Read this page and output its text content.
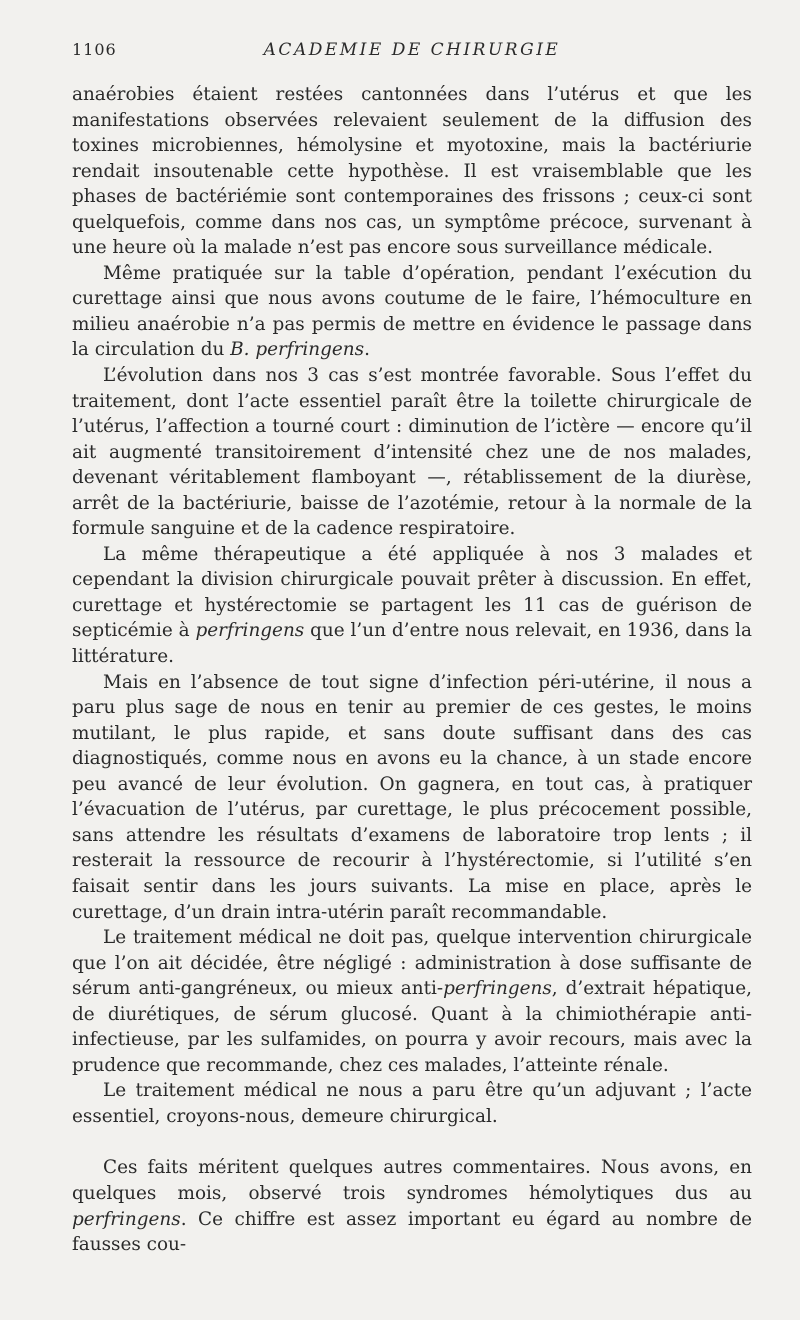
1106	ACADEMIE DE CHIRURGIE

anaérobies étaient restées cantonnées dans l’utérus et que les manifestations observées relevaient seulement de la diffusion des toxines microbiennes, hémolysine et myotoxine, mais la bactériurie rendait insoutenable cette hypothèse. Il est vraisemblable que les phases de bactériémie sont contemporaines des frissons ; ceux-ci sont quelquefois, comme dans nos cas, un symptôme précoce, survenant à une heure où la malade n’est pas encore sous surveillance médicale.

Même pratiquée sur la table d’opération, pendant l’exécution du curettage ainsi que nous avons coutume de le faire, l’hémoculture en milieu anaérobie n’a pas permis de mettre en évidence le passage dans la circulation du B. perfringens.

L’évolution dans nos 3 cas s’est montrée favorable. Sous l’effet du traitement, dont l’acte essentiel paraît être la toilette chirurgicale de l’utérus, l’affection a tourné court : diminution de l’ictère — encore qu’il ait augmenté transitoirement d’intensité chez une de nos malades, devenant véritablement flamboyant —, rétablissement de la diurèse, arrêt de la bactériurie, baisse de l’azotémie, retour à la normale de la formule sanguine et de la cadence respiratoire.

La même thérapeutique a été appliquée à nos 3 malades et cependant la division chirurgicale pouvait prêter à discussion. En effet, curettage et hystérectomie se partagent les 11 cas de guérison de septicémie à perfringens que l’un d’entre nous relevait, en 1936, dans la littérature.

Mais en l’absence de tout signe d’infection péri-utérine, il nous a paru plus sage de nous en tenir au premier de ces gestes, le moins mutilant, le plus rapide, et sans doute suffisant dans des cas diagnostiqués, comme nous en avons eu la chance, à un stade encore peu avancé de leur évolution. On gagnera, en tout cas, à pratiquer l’évacuation de l’utérus, par curettage, le plus précocement possible, sans attendre les résultats d’examens de laboratoire trop lents ; il resterait la ressource de recourir à l’hystérectomie, si l’utilité s’en faisait sentir dans les jours suivants. La mise en place, après le curettage, d’un drain intra-utérin paraît recommandable.

Le traitement médical ne doit pas, quelque intervention chirurgicale que l’on ait décidée, être négligé : administration à dose suffisante de sérum anti-gangréneux, ou mieux anti-perfringens, d’extrait hépatique, de diurétiques, de sérum glucosé. Quant à la chimiothérapie anti-infectieuse, par les sulfamides, on pourra y avoir recours, mais avec la prudence que recommande, chez ces malades, l’atteinte rénale.

Le traitement médical ne nous a paru être qu’un adjuvant ; l’acte essentiel, croyons-nous, demeure chirurgical.

Ces faits méritent quelques autres commentaires. Nous avons, en quelques mois, observé trois syndromes hémolytiques dus au perfringens. Ce chiffre est assez important eu égard au nombre de fausses cou-
